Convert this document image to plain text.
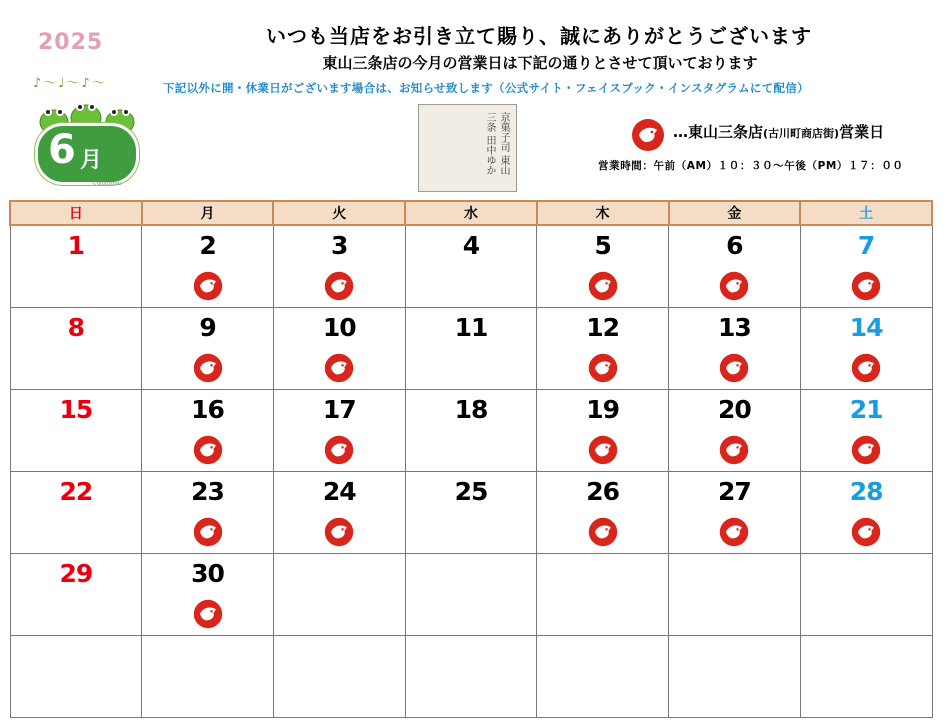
2025
♪〜♩〜♪〜
6 月
©ototoshiki
いつも当店をお引き立て賜り、誠にありがとうございます
東山三条店の今月の営業日は下記の通りとさせて頂いております
下記以外に開・休業日がございます場合は、お知らせ致します（公式サイト・フェイスブック・インスタグラムにて配信）
京菓子司 東山三条 田中ゆか	…東山三条店(古川町商店街)営業日
営業時間：午前（AM）１０：３０〜午後（PM）１７：００
日	月	火	水	木	金	土

1	2	3	4	5	6	7

8	9	10	11	12	13	14

15	16	17	18	19	20	21

22	23	24	25	26	27	28

29	30					
